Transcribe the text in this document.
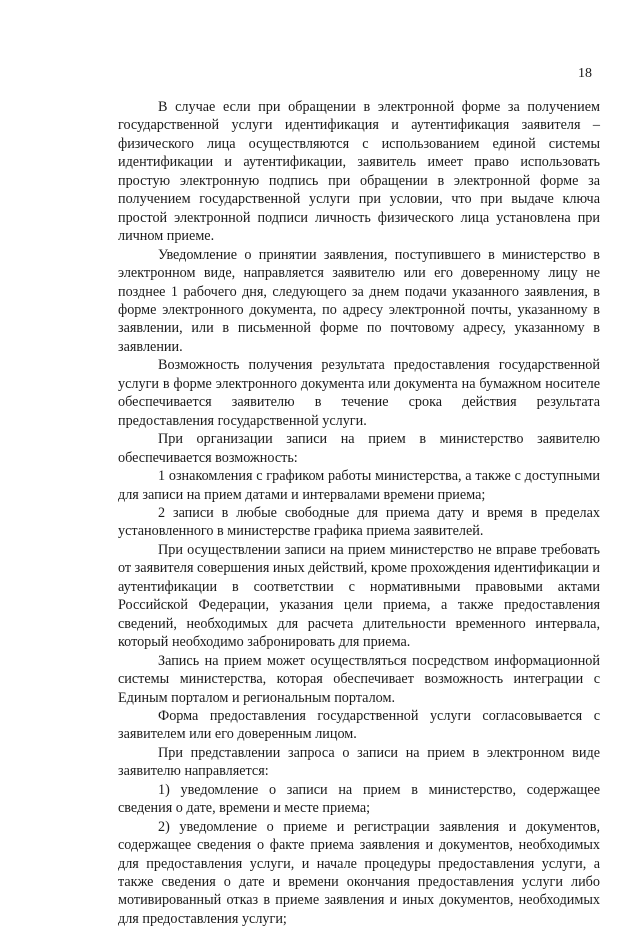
18

В случае если при обращении в электронной форме за получением государственной услуги идентификация и аутентификация заявителя – физического лица осуществляются с использованием единой системы идентификации и аутентификации, заявитель имеет право использовать простую электронную подпись при обращении в электронной форме за получением государственной услуги при условии, что при выдаче ключа простой электронной подписи личность физического лица установлена при личном приеме.

Уведомление о принятии заявления, поступившего в министерство в электронном виде, направляется заявителю или его доверенному лицу не позднее 1 рабочего дня, следующего за днем подачи указанного заявления, в форме электронного документа, по адресу электронной почты, указанному в заявлении, или в письменной форме по почтовому адресу, указанному в заявлении.

Возможность получения результата предоставления государственной услуги в форме электронного документа или документа на бумажном носителе обеспечивается заявителю в течение срока действия результата предоставления государственной услуги.

При организации записи на прием в министерство заявителю обеспечивается возможность:

1 ознакомления с графиком работы министерства, а также с доступными для записи на прием датами и интервалами времени приема;

2 записи в любые свободные для приема дату и время в пределах установленного в министерстве графика приема заявителей.

При осуществлении записи на прием министерство не вправе требовать от заявителя совершения иных действий, кроме прохождения идентификации и аутентификации в соответствии с нормативными правовыми актами Российской Федерации, указания цели приема, а также предоставления сведений, необходимых для расчета длительности временного интервала, который необходимо забронировать для приема.

Запись на прием может осуществляться посредством информационной системы министерства, которая обеспечивает возможность интеграции с Единым порталом и региональным порталом.

Форма предоставления государственной услуги согласовывается с заявителем или его доверенным лицом.

При представлении запроса о записи на прием в электронном виде заявителю направляется:

1) уведомление о записи на прием в министерство, содержащее сведения о дате, времени и месте приема;

2) уведомление о приеме и регистрации заявления и документов, содержащее сведения о факте приема заявления и документов, необходимых для предоставления услуги, и начале процедуры предоставления услуги, а также сведения о дате и времени окончания предоставления услуги либо мотивированный отказ в приеме заявления и иных документов, необходимых для предоставления услуги;
